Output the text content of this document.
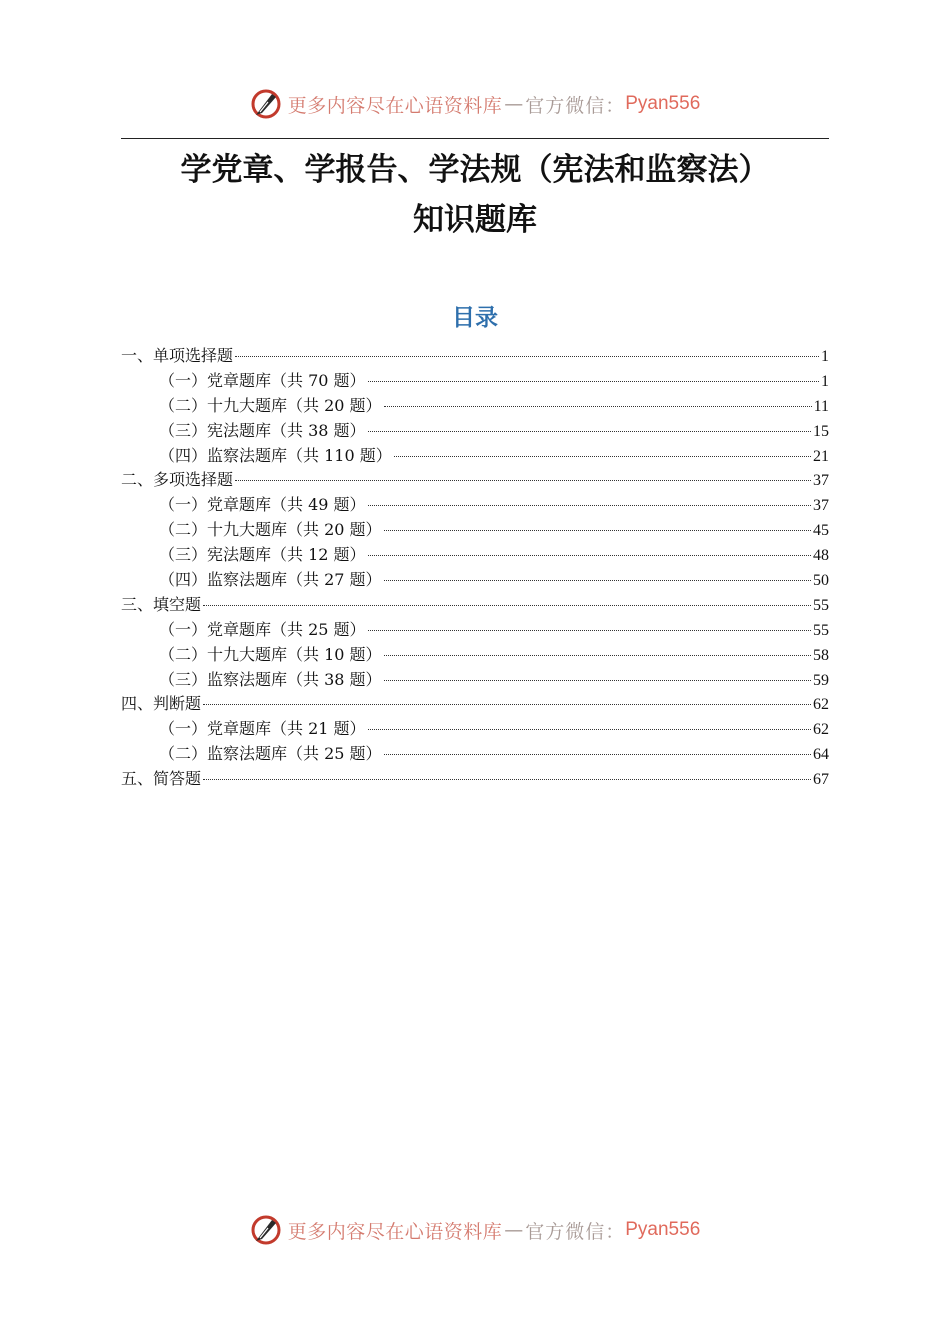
更多内容尽在心语资料库 — 官方微信： Pyan556
学党章、学报告、学法规（宪法和监察法）
知识题库
目录
一、单项选择题	1
（一）党章题库（共 70 题）	1
（二）十九大题库（共 20 题）	11
（三）宪法题库（共 38 题）	15
（四）监察法题库（共 110 题）	21
二、多项选择题	37
（一）党章题库（共 49 题）	37
（二）十九大题库（共 20 题）	45
（三）宪法题库（共 12 题）	48
（四）监察法题库（共 27 题）	50
三、填空题	55
（一）党章题库（共 25 题）	55
（二）十九大题库（共 10 题）	58
（三）监察法题库（共 38 题）	59
四、判断题	62
（一）党章题库（共 21 题）	62
（二）监察法题库（共 25 题）	64
五、简答题	67
更多内容尽在心语资料库 — 官方微信： Pyan556
